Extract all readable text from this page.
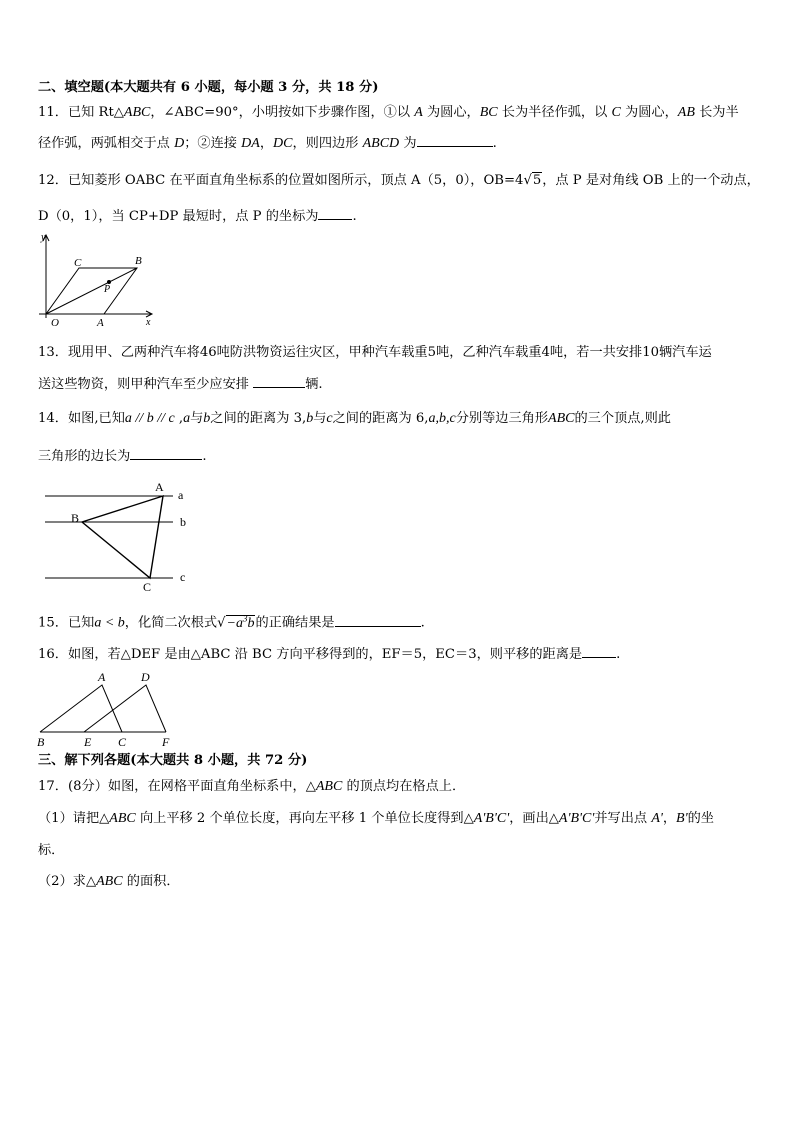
二、填空题(本大题共有 6 小题，每小题 3 分，共 18 分)
11．已知 Rt△ABC，∠ABC=90°，小明按如下步骤作图，①以 A 为圆心，BC 长为半径作弧，以 C 为圆心，AB 长为半
径作弧，两弧相交于点 D；②连接 DA，DC，则四边形 ABCD 为	.
12．已知菱形 OABC 在平面直角坐标系的位置如图所示，顶点 A（5，0），OB=4√5，点 P 是对角线 OB 上的一个动点，
D（0，1），当 CP+DP 最短时，点 P 的坐标为	.
y
x
O	A
B
C
P
13．现用甲、乙两种汽车将46吨防洪物资运往灾区，甲种汽车载重5吨，乙种汽车载重4吨，若一共安排10辆汽车运
送这些物资，则甲种汽车至少应安排	辆.
14．如图,已知a // b // c ,a与b之间的距离为 3,b与c之间的距离为 6,a,b,c分别等边三角形ABC的三个顶点,则此
三角形的边长为	.
A
B
C
a
b
c
15．已知a < b，化简二次根式$√-a^3b$的正确结果是	.
16．如图，若△DEF 是由△ABC 沿 BC 方向平移得到的，EF＝5，EC＝3，则平移的距离是	.
A	D
B	E C	F
三、解下列各题(本大题共 8 小题，共 72 分)
17．(8分）如图，在网格平面直角坐标系中，△ABC 的顶点均在格点上．
（1）请把△ABC 向上平移 2 个单位长度，再向左平移 1 个单位长度得到△A'B'C'，画出△A'B'C'并写出点 A'，B'的坐
标．
（2）求△ABC 的面积．
